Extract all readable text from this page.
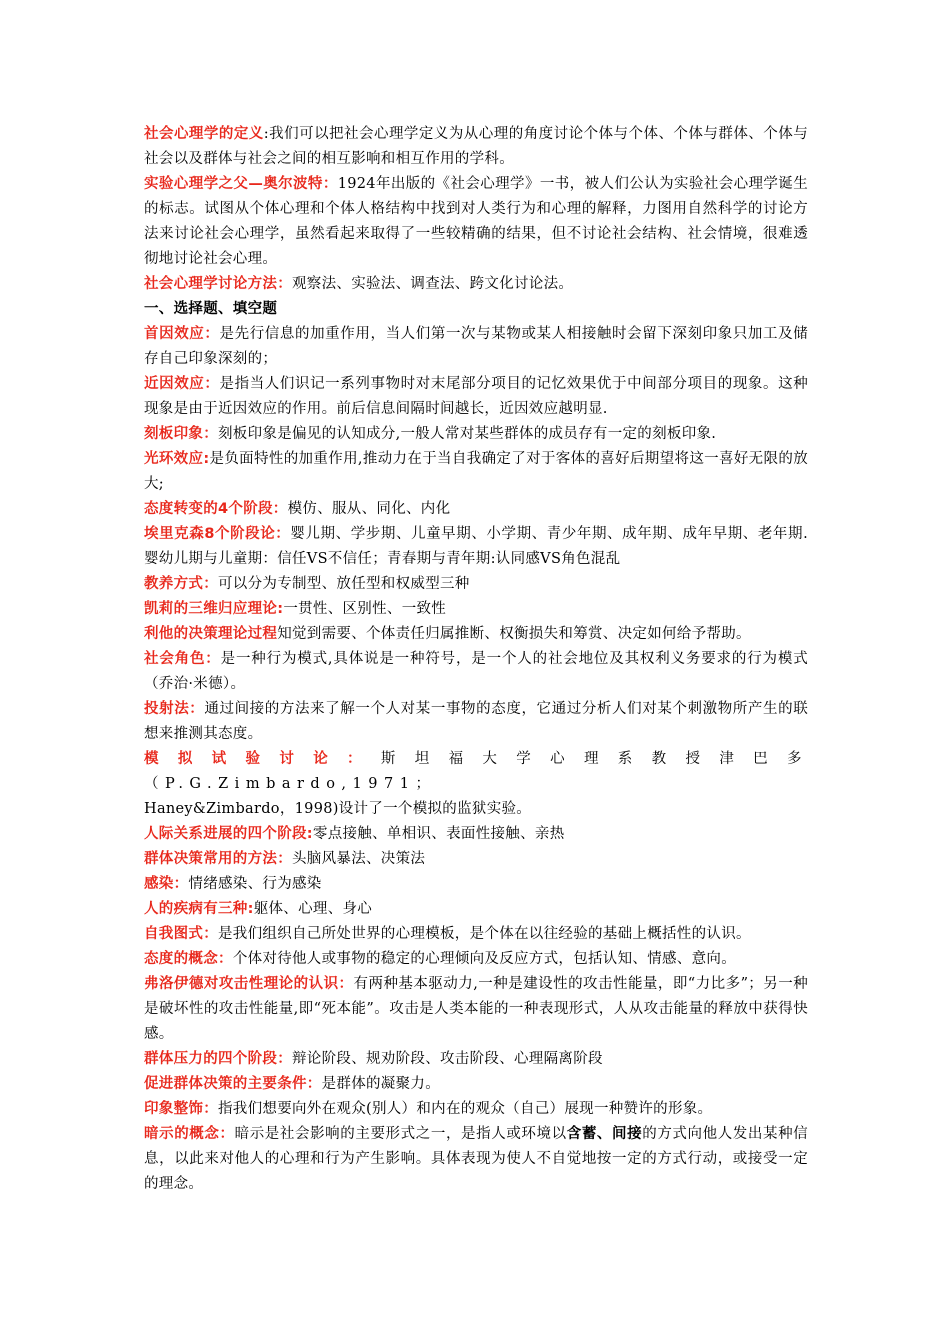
社会心理学的定义:我们可以把社会心理学定义为从心理的角度讨论个体与个体、个体与群体、个体与社会以及群体与社会之间的相互影响和相互作用的学科。

实验心理学之父—奥尔波特：1924年出版的《社会心理学》一书，被人们公认为实验社会心理学诞生的标志。试图从个体心理和个体人格结构中找到对人类行为和心理的解释，力图用自然科学的讨论方法来讨论社会心理学，虽然看起来取得了一些较精确的结果，但不讨论社会结构、社会情境，很难透彻地讨论社会心理。

社会心理学讨论方法：观察法、实验法、调查法、跨文化讨论法。

一、选择题、填空题

首因效应：是先行信息的加重作用，当人们第一次与某物或某人相接触时会留下深刻印象只加工及储存自己印象深刻的；

近因效应：是指当人们识记一系列事物时对末尾部分项目的记忆效果优于中间部分项目的现象。这种现象是由于近因效应的作用。前后信息间隔时间越长，近因效应越明显.

刻板印象：刻板印象是偏见的认知成分,一般人常对某些群体的成员存有一定的刻板印象.

光环效应:是负面特性的加重作用,推动力在于当自我确定了对于客体的喜好后期望将这一喜好无限的放大;

态度转变的4个阶段：模仿、服从、同化、内化

埃里克森8个阶段论：婴儿期、学步期、儿童早期、小学期、青少年期、成年期、成年早期、老年期.婴幼儿期与儿童期：信任VS不信任；青春期与青年期:认同感VS角色混乱

教养方式：可以分为专制型、放任型和权威型三种

凯莉的三维归应理论:一贯性、区别性、一致性

利他的决策理论过程知觉到需要、个体责任归属推断、权衡损失和筹赏、决定如何给予帮助。

社会角色：是一种行为模式,具体说是一种符号，是一个人的社会地位及其权利义务要求的行为模式（乔治·米德）。

投射法：通过间接的方法来了解一个人对某一事物的态度，它通过分析人们对某个刺激物所产生的联想来推测其态度。

模拟试验讨论：斯坦福大学心理系教授津巴多（P.G.Zimbardo,1971；
Haney&Zimbardo，1998)设计了一个模拟的监狱实验。

人际关系进展的四个阶段:零点接触、单相识、表面性接触、亲热

群体决策常用的方法：头脑风暴法、决策法

感染：情绪感染、行为感染

人的疾病有三种:躯体、心理、身心

自我图式：是我们组织自己所处世界的心理模板，是个体在以往经验的基础上概括性的认识。

态度的概念：个体对待他人或事物的稳定的心理倾向及反应方式，包括认知、情感、意向。

弗洛伊德对攻击性理论的认识：有两种基本驱动力,一种是建设性的攻击性能量，即“力比多”；另一种是破坏性的攻击性能量,即“死本能”。攻击是人类本能的一种表现形式，人从攻击能量的释放中获得快感。

群体压力的四个阶段：辩论阶段、规劝阶段、攻击阶段、心理隔离阶段

促进群体决策的主要条件：是群体的凝聚力。

印象整饰：指我们想要向外在观众(别人）和内在的观众（自己）展现一种赞许的形象。

暗示的概念：暗示是社会影响的主要形式之一，是指人或环境以含蓄、间接的方式向他人发出某种信息，以此来对他人的心理和行为产生影响。具体表现为使人不自觉地按一定的方式行动，或接受一定的理念。
